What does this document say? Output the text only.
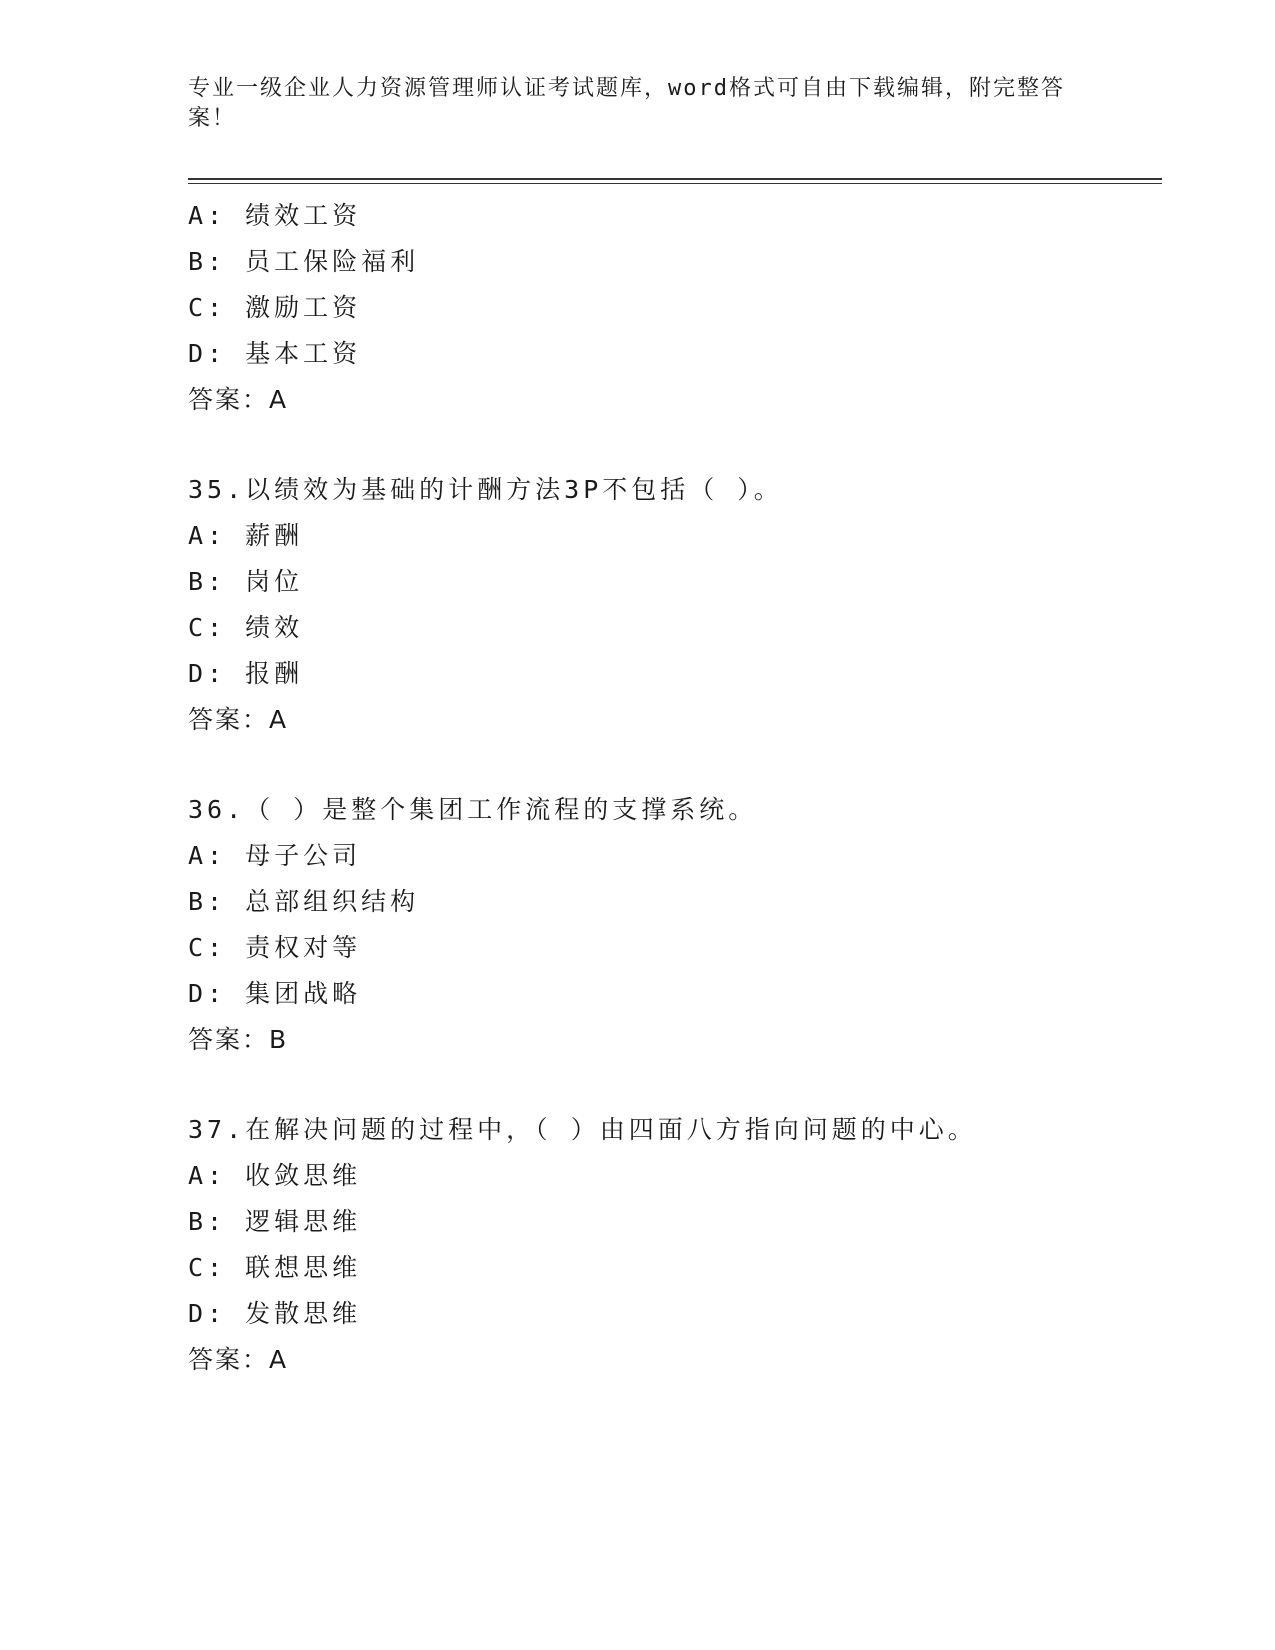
专业一级企业人力资源管理师认证考试题库，word格式可自由下载编辑，附完整答案！
A: 绩效工资
B: 员工保险福利
C: 激励工资
D: 基本工资
答案：A
35.以绩效为基础的计酬方法3P不包括（ ）。
A: 薪酬
B: 岗位
C: 绩效
D: 报酬
答案：A
36.（ ）是整个集团工作流程的支撑系统。
A: 母子公司
B: 总部组织结构
C: 责权对等
D: 集团战略
答案：B
37.在解决问题的过程中，（ ）由四面八方指向问题的中心。
A: 收敛思维
B: 逻辑思维
C: 联想思维
D: 发散思维
答案：A
